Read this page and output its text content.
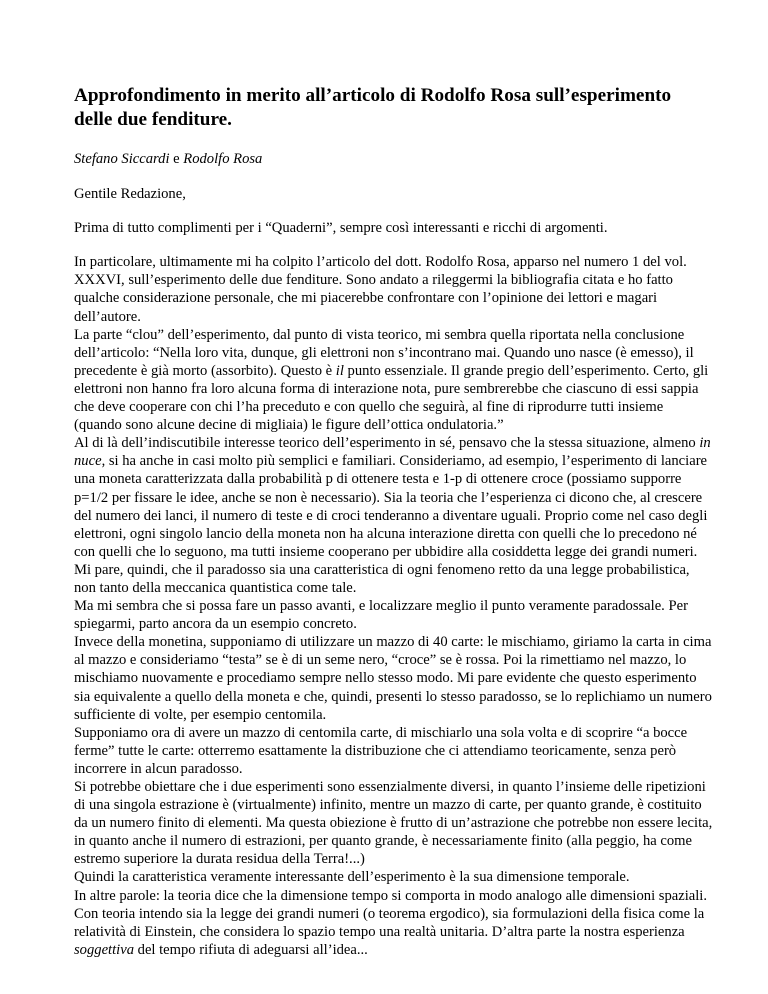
Approfondimento in merito all’articolo di Rodolfo Rosa sull’esperimento delle due fenditure.

Stefano Siccardi e Rodolfo Rosa

Gentile Redazione,

Prima di tutto complimenti per i “Quaderni”, sempre così interessanti e ricchi di argomenti.

In particolare, ultimamente mi ha colpito l’articolo del dott. Rodolfo Rosa, apparso nel numero 1 del vol. XXXVI, sull’esperimento delle due fenditure. Sono andato a rileggermi la bibliografia citata e ho fatto qualche considerazione personale, che mi piacerebbe confrontare con l’opinione dei lettori e magari dell’autore.
La parte “clou” dell’esperimento, dal punto di vista teorico, mi sembra quella riportata nella conclusione dell’articolo: “Nella loro vita, dunque, gli elettroni non s’incontrano mai. Quando uno nasce (è emesso), il precedente è già morto (assorbito). Questo è il punto essenziale. Il grande pregio dell’esperimento. Certo, gli elettroni non hanno fra loro alcuna forma di interazione nota, pure sembrerebbe che ciascuno di essi sappia che deve cooperare con chi l’ha preceduto e con quello che seguirà, al fine di riprodurre tutti insieme (quando sono alcune decine di migliaia) le figure dell’ottica ondulatoria.”
Al di là dell’indiscutibile interesse teorico dell’esperimento in sé, pensavo che la stessa situazione, almeno in nuce, si ha anche in casi molto più semplici e familiari. Consideriamo, ad esempio, l’esperimento di lanciare una moneta caratterizzata dalla probabilità p di ottenere testa e 1-p di ottenere croce (possiamo supporre p=1/2 per fissare le idee, anche se non è necessario). Sia la teoria che l’esperienza ci dicono che, al crescere del numero dei lanci, il numero di teste e di croci tenderanno a diventare uguali. Proprio come nel caso degli elettroni, ogni singolo lancio della moneta non ha alcuna interazione diretta con quelli che lo precedono né con quelli che lo seguono, ma tutti insieme cooperano per ubbidire alla cosiddetta legge dei grandi numeri.
Mi pare, quindi, che il paradosso sia una caratteristica di ogni fenomeno retto da una legge probabilistica, non tanto della meccanica quantistica come tale.
Ma mi sembra che si possa fare un passo avanti, e localizzare meglio il punto veramente paradossale. Per spiegarmi, parto ancora da un esempio concreto.
Invece della monetina, supponiamo di utilizzare un mazzo di 40 carte: le mischiamo, giriamo la carta in cima al mazzo e consideriamo “testa” se è di un seme nero, “croce” se è rossa. Poi la rimettiamo nel mazzo, lo mischiamo nuovamente e procediamo sempre nello stesso modo. Mi pare evidente che questo esperimento sia equivalente a quello della moneta e che, quindi, presenti lo stesso paradosso, se lo replichiamo un numero sufficiente di volte, per esempio centomila.
Supponiamo ora di avere un mazzo di centomila carte, di mischiarlo una sola volta e di scoprire “a bocce ferme” tutte le carte: otterremo esattamente la distribuzione che ci attendiamo teoricamente, senza però incorrere in alcun paradosso.
Si potrebbe obiettare che i due esperimenti sono essenzialmente diversi, in quanto l’insieme delle ripetizioni di una singola estrazione è (virtualmente) infinito, mentre un mazzo di carte, per quanto grande, è costituito da un numero finito di elementi. Ma questa obiezione è frutto di un’astrazione che potrebbe non essere lecita, in quanto anche il numero di estrazioni, per quanto grande, è necessariamente finito (alla peggio, ha come estremo superiore la durata residua della Terra!...)
Quindi la caratteristica veramente interessante dell’esperimento è la sua dimensione temporale.
In altre parole: la teoria dice che la dimensione tempo si comporta in modo analogo alle dimensioni spaziali. Con teoria intendo sia la legge dei grandi numeri (o teorema ergodico), sia formulazioni della fisica come la relatività di Einstein, che considera lo spazio tempo una realtà unitaria. D’altra parte la nostra esperienza soggettiva del tempo rifiuta di adeguarsi all’idea...
